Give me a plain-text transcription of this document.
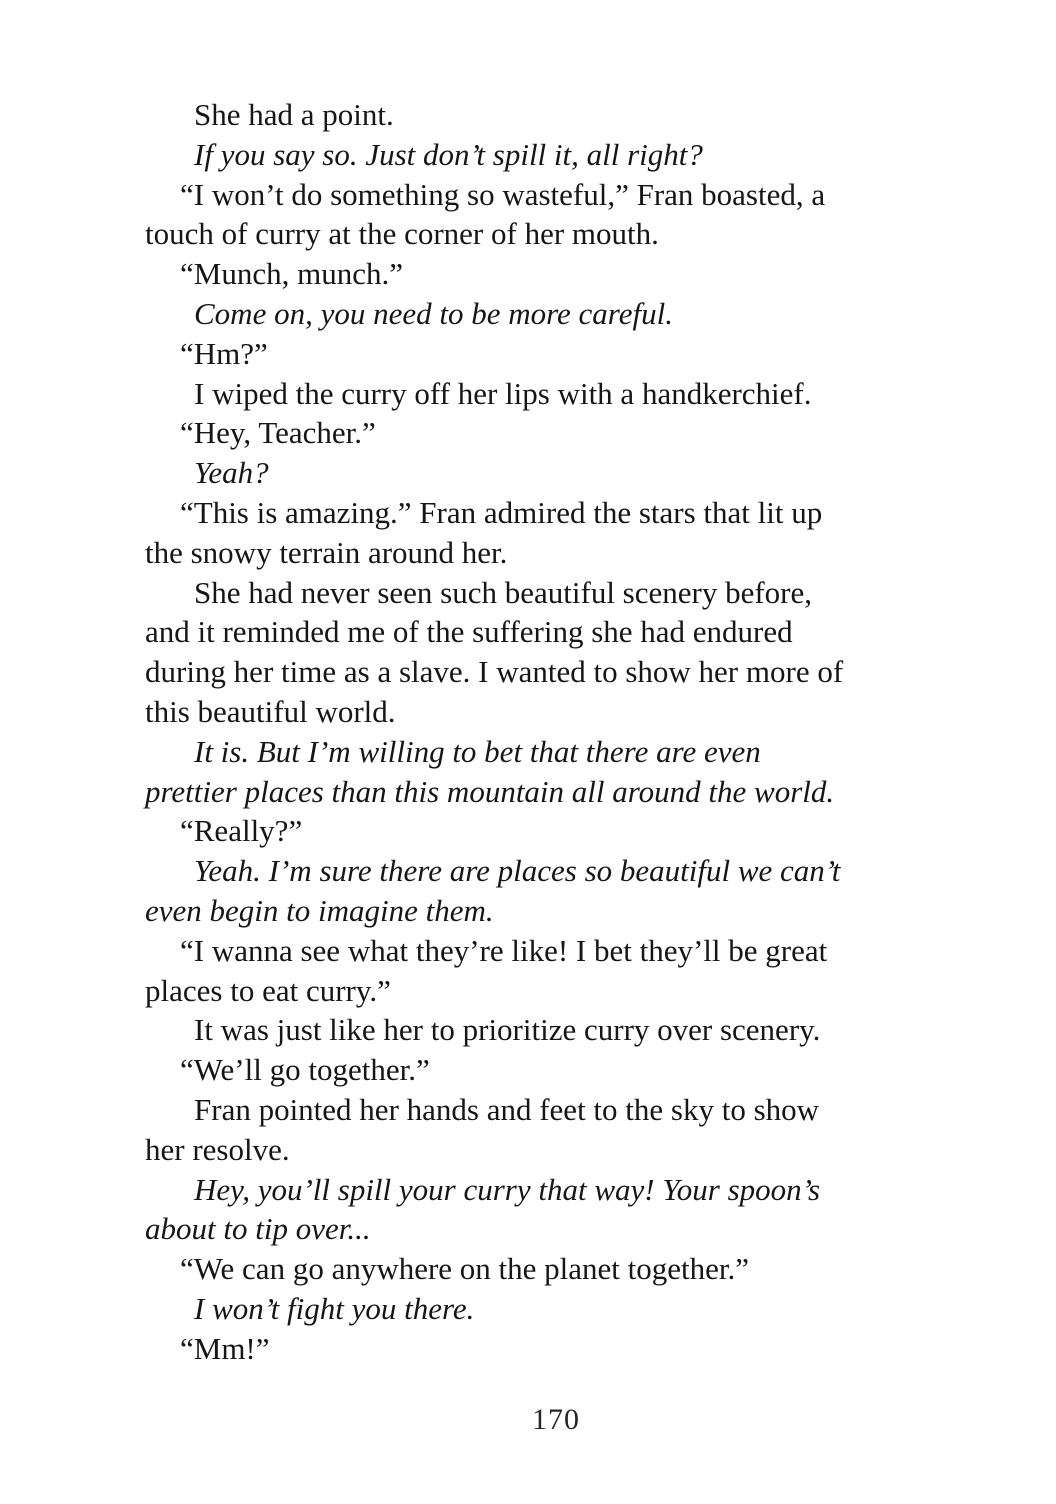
She had a point.
If you say so. Just don’t spill it, all right?
“I won’t do something so wasteful,” Fran boasted, a
touch of curry at the corner of her mouth.
“Munch, munch.”
Come on, you need to be more careful.
“Hm?”
I wiped the curry off her lips with a handkerchief.
“Hey, Teacher.”
Yeah?
“This is amazing.” Fran admired the stars that lit up
the snowy terrain around her.
She had never seen such beautiful scenery before,
and it reminded me of the suffering she had endured
during her time as a slave. I wanted to show her more of
this beautiful world.
It is. But I’m willing to bet that there are even
prettier places than this mountain all around the world.
“Really?”
Yeah. I’m sure there are places so beautiful we can’t
even begin to imagine them.
“I wanna see what they’re like! I bet they’ll be great
places to eat curry.”
It was just like her to prioritize curry over scenery.
“We’ll go together.”
Fran pointed her hands and feet to the sky to show
her resolve.
Hey, you’ll spill your curry that way! Your spoon’s
about to tip over...
“We can go anywhere on the planet together.”
I won’t fight you there.
“Mm!”
170
